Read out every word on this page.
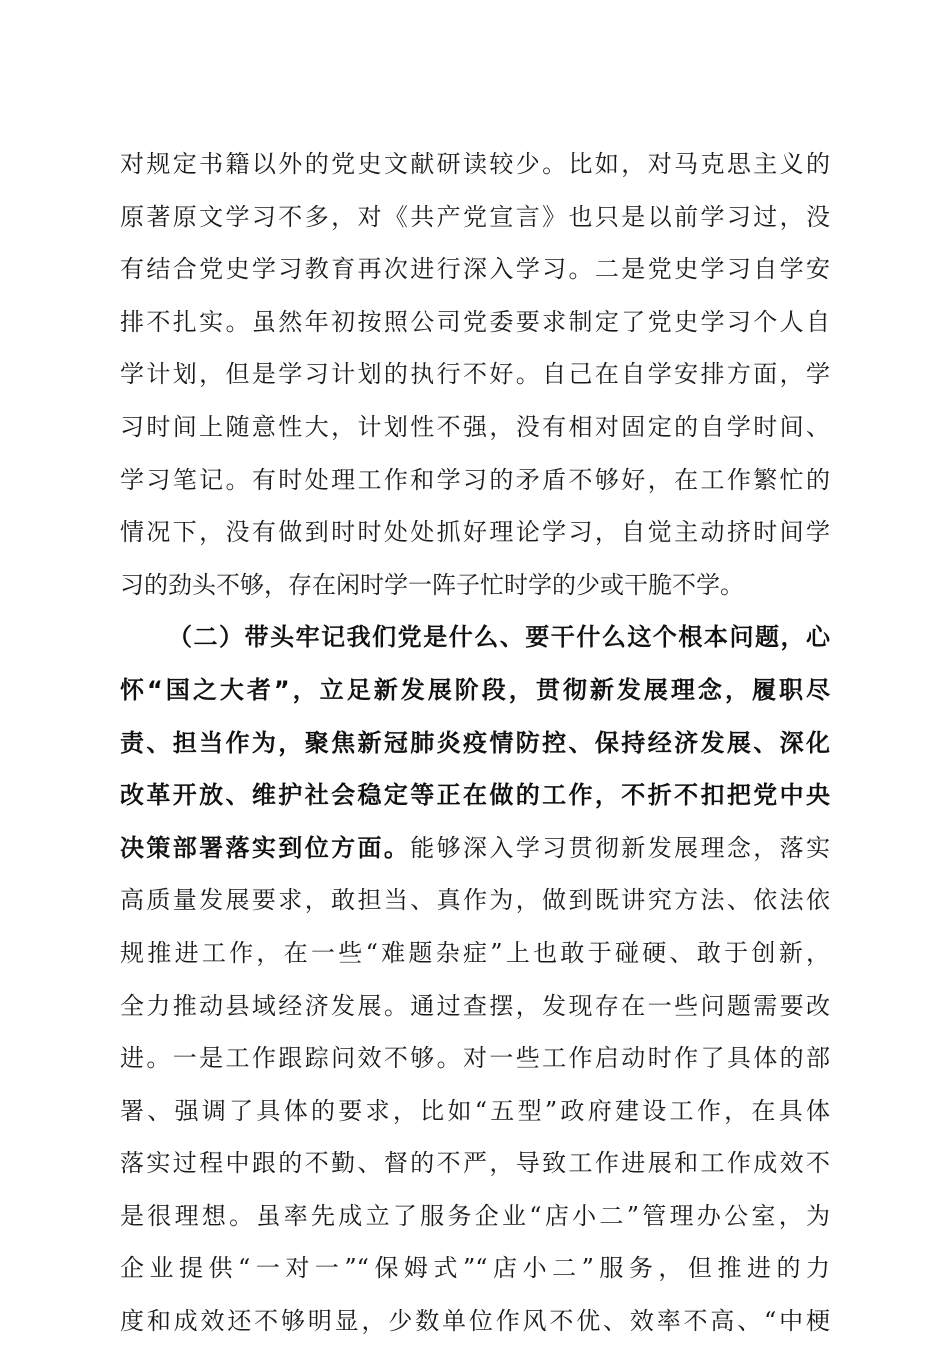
对规定书籍以外的党史文献研读较少。比如，对马克思主义的
原著原文学习不多，对《共产党宣言》也只是以前学习过，没
有结合党史学习教育再次进行深入学习。二是党史学习自学安
排不扎实。虽然年初按照公司党委要求制定了党史学习个人自
学计划，但是学习计划的执行不好。自己在自学安排方面，学
习时间上随意性大，计划性不强，没有相对固定的自学时间、
学习笔记。有时处理工作和学习的矛盾不够好，在工作繁忙的
情况下，没有做到时时处处抓好理论学习，自觉主动挤时间学
习的劲头不够，存在闲时学一阵子忙时学的少或干脆不学。
（二）带头牢记我们党是什么、要干什么这个根本问题，心
怀“国之大者”，立足新发展阶段，贯彻新发展理念，履职尽
责、担当作为，聚焦新冠肺炎疫情防控、保持经济发展、深化
改革开放、维护社会稳定等正在做的工作，不折不扣把党中央
决策部署落实到位方面。能够深入学习贯彻新发展理念，落实
高质量发展要求，敢担当、真作为，做到既讲究方法、依法依
规推进工作，在一些“难题杂症”上也敢于碰硬、敢于创新，
全力推动县域经济发展。通过查摆，发现存在一些问题需要改
进。一是工作跟踪问效不够。对一些工作启动时作了具体的部
署、强调了具体的要求，比如“五型”政府建设工作，在具体
落实过程中跟的不勤、督的不严，导致工作进展和工作成效不
是很理想。虽率先成立了服务企业“店小二”管理办公室，为
企业提供“一对一”“保姆式”“店小二”服务，但推进的力
度和成效还不够明显，少数单位作风不优、效率不高、“中梗
